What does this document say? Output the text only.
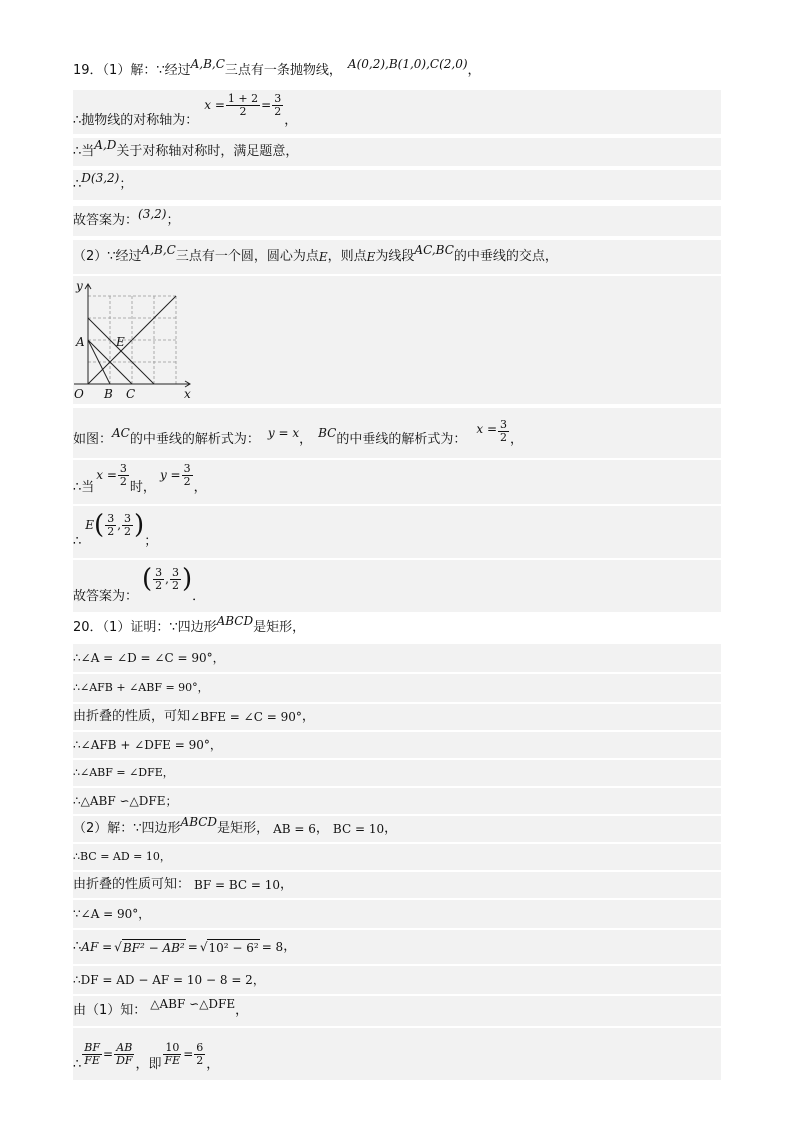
19．（1）解：∵经过 A,B,C 三点有一条抛物线， A(0,2),B(1,0),C(2,0) ，
∴抛物线的对称轴为：
$x = \frac{1 + 2}{2} = \frac{3}{2}$
，
∴当 A,D 关于对称轴对称时，满足题意，
∴ D(3,2) ；
故答案为： (3,2) ；
（2）∵经过 A,B,C 三点有一个圆，圆心为点 E ，则点 E 为线段 AC,BC 的中垂线的交点，
y
x
O
A
B C
E
如图： AC 的中垂线的解析式为： y = x ， BC 的中垂线的解析式为：
$x = \frac{3}{2}$ ，
∴当
$x = \frac{3}{2}$ 时，
$y = \frac{3}{2}$ ，
∴
E ( $\frac{3}{2}$ , $\frac{3}{2}$ )
；
故答案为：
( $\frac{3}{2}$ , $\frac{3}{2}$ )
．
20．（1）证明：∵四边形 ABCD 是矩形，
∴∠A = ∠D = ∠C = 90°，
∴∠AFB + ∠ABF = 90°，
由折叠的性质，可知 ∠BFE = ∠C = 90° ，
∴∠AFB + ∠DFE = 90°，
∴∠ABF = ∠DFE，
∴△ABF ∽△DFE；
（2）解：∵四边形 ABCD 是矩形， AB = 6 ， BC = 10 ，
∴BC = AD = 10，
由折叠的性质可知： BF = BC = 10 ，
∵∠A = 90°，
∴ AF = √ BF² − AB² = √ 10² − 6² = 8 ，
∴DF = AD − AF = 10 − 8 = 2，
由（1）知： △ABF ∽△DFE ，
∴ $\frac{BF}{FE} = \frac{AB}{DF}$ ，即 $\frac{10}{FE} = \frac{6}{2}$ ，
